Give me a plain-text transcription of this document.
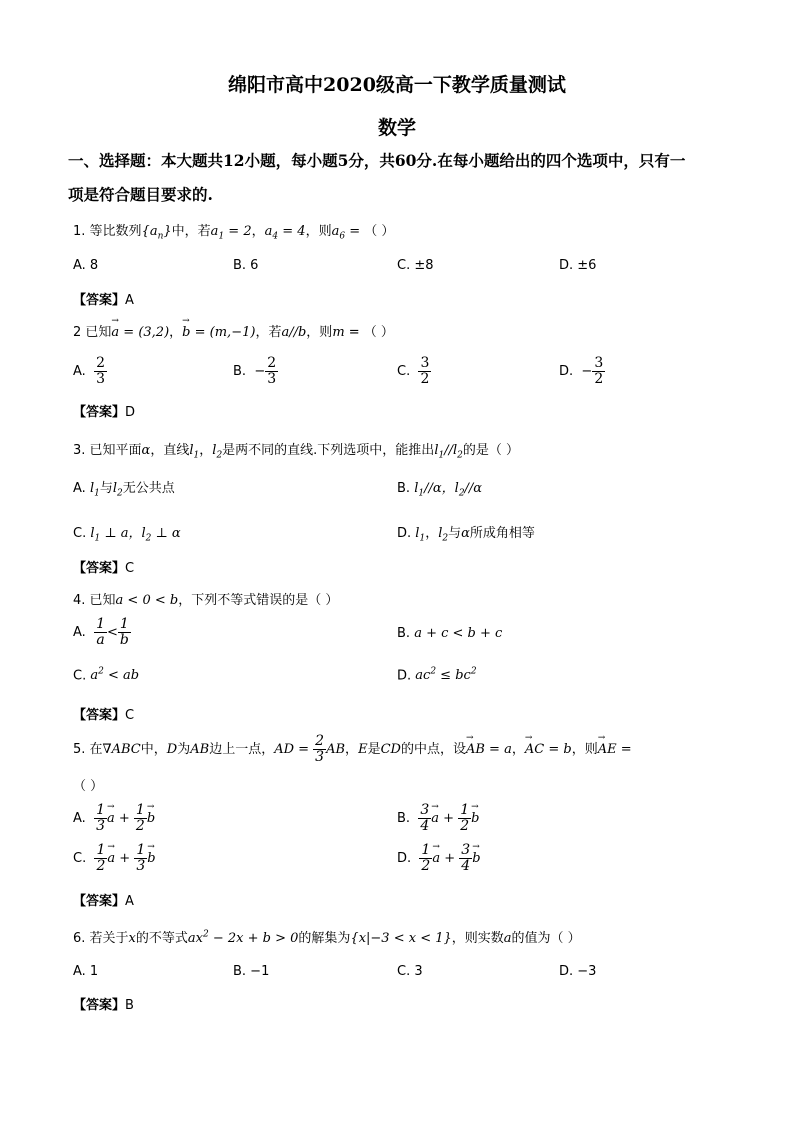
绵阳市高中2020级高一下教学质量测试
数学
一、选择题：本大题共12小题，每小题5分，共60分.在每小题给出的四个选项中，只有一
项是符合题目要求的.
1. 等比数列$\{a_n\}$中，若$a_1 = 2$，$a_4 = 4$，则$a_6$ = （ ）
A. 8	B. 6	C. ±8	D. ±6
【答案】A
2 已知→ a = (3,2)，→ b = (m,−1)，若a//b，则m = （ ）
A. $\frac{2}{3}$	B. − $\frac{2}{3}$	C. $\frac{3}{2}$	D. − $\frac{3}{2}$
【答案】D
3. 已知平面α，直线$l_1$，$l_2$是两不同的直线.下列选项中，能推出$l_1//l_2$的是（ ）
A. $l_1$与$l_2$无公共点	B. $l_1//\alpha$，$l_2//\alpha$
C. $l_1$ ⊥ a，$l_2$ ⊥ α	D. $l_1$，$l_2$与α所成角相等
【答案】C
4. 已知a < 0 < b，下列不等式错误的是（ ）
A. $\frac{1}{a} < \frac{1}{b}$	B. a + c < b + c
C. $a^2$ < ab	D. $ac^2 \le bc^2$
【答案】C
5. 在∇ABC中，D为AB边上一点，AD = $\frac{2}{3}$ AB，E是CD的中点，设→ AB = a，→ AC = b，则→ AE =
（ ）
A. $\frac{1}{3}$
→ $a + \frac{1}{2}$
→ b	B. $\frac{3}{4}$
→ $a + \frac{1}{2}$
→ b
C. $\frac{1}{2}$
→ $a + \frac{1}{3}$
→ b	D. $\frac{1}{2}$
→ $a + \frac{3}{4}$
→ b
【答案】A
6. 若关于x的不等式$ax^2 - 2x + b > 0$的解集为{x|−3 < x < 1}，则实数a的值为（ ）
A. 1	B. −1	C. 3	D. −3
【答案】B
